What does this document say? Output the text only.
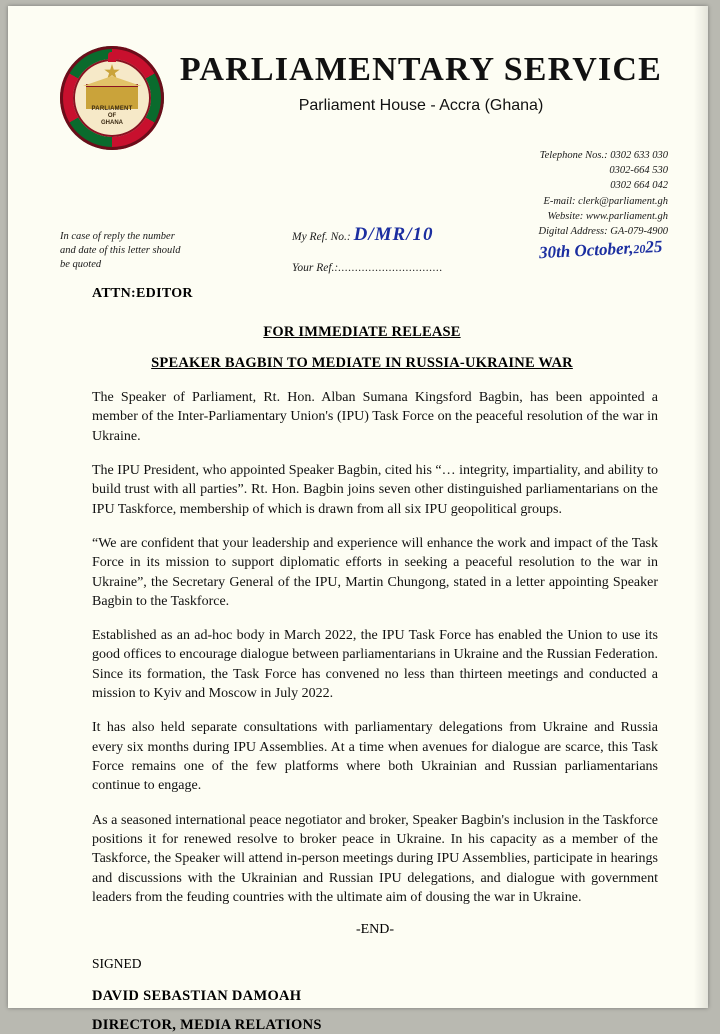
PARLIAMENT
OF
GHANA
PARLIAMENTARY SERVICE
Parliament House - Accra (Ghana)
Telephone Nos.: 0302 633 030
0302-664 530
0302 664 042
E-mail: clerk@parliament.gh
Website: www.parliament.gh
Digital Address: GA-079-4900
In case of reply the number
and date of this letter should
be quoted
My Ref. No.: D/MR/10
Your Ref.:...............................
30th October,2025
ATTN:EDITOR
FOR IMMEDIATE RELEASE
SPEAKER BAGBIN TO MEDIATE IN RUSSIA-UKRAINE WAR

The Speaker of Parliament, Rt. Hon. Alban Sumana Kingsford Bagbin, has been appointed a member of the Inter-Parliamentary Union's (IPU) Task Force on the peaceful resolution of the war in Ukraine.

The IPU President, who appointed Speaker Bagbin, cited his “… integrity, impartiality, and ability to build trust with all parties”. Rt. Hon. Bagbin joins seven other distinguished parliamentarians on the IPU Taskforce, membership of which is drawn from all six IPU geopolitical groups.

“We are confident that your leadership and experience will enhance the work and impact of the Task Force in its mission to support diplomatic efforts in seeking a peaceful resolution to the war in Ukraine”, the Secretary General of the IPU, Martin Chungong, stated in a letter appointing Speaker Bagbin to the Taskforce.

Established as an ad-hoc body in March 2022, the IPU Task Force has enabled the Union to use its good offices to encourage dialogue between parliamentarians in Ukraine and the Russian Federation. Since its formation, the Task Force has convened no less than thirteen meetings and conducted a mission to Kyiv and Moscow in July 2022.

It has also held separate consultations with parliamentary delegations from Ukraine and Russia every six months during IPU Assemblies. At a time when avenues for dialogue are scarce, this Task Force remains one of the few platforms where both Ukrainian and Russian parliamentarians continue to engage.

As a seasoned international peace negotiator and broker, Speaker Bagbin's inclusion in the Taskforce positions it for renewed resolve to broker peace in Ukraine. In his capacity as a member of the Taskforce, the Speaker will attend in-person meetings during IPU Assemblies, participate in hearings and discussions with the Ukrainian and Russian IPU delegations, and dialogue with government leaders from the feuding countries with the ultimate aim of dousing the war in Ukraine.

-END-
SIGNED
DAVID SEBASTIAN DAMOAH
DIRECTOR, MEDIA RELATIONS
